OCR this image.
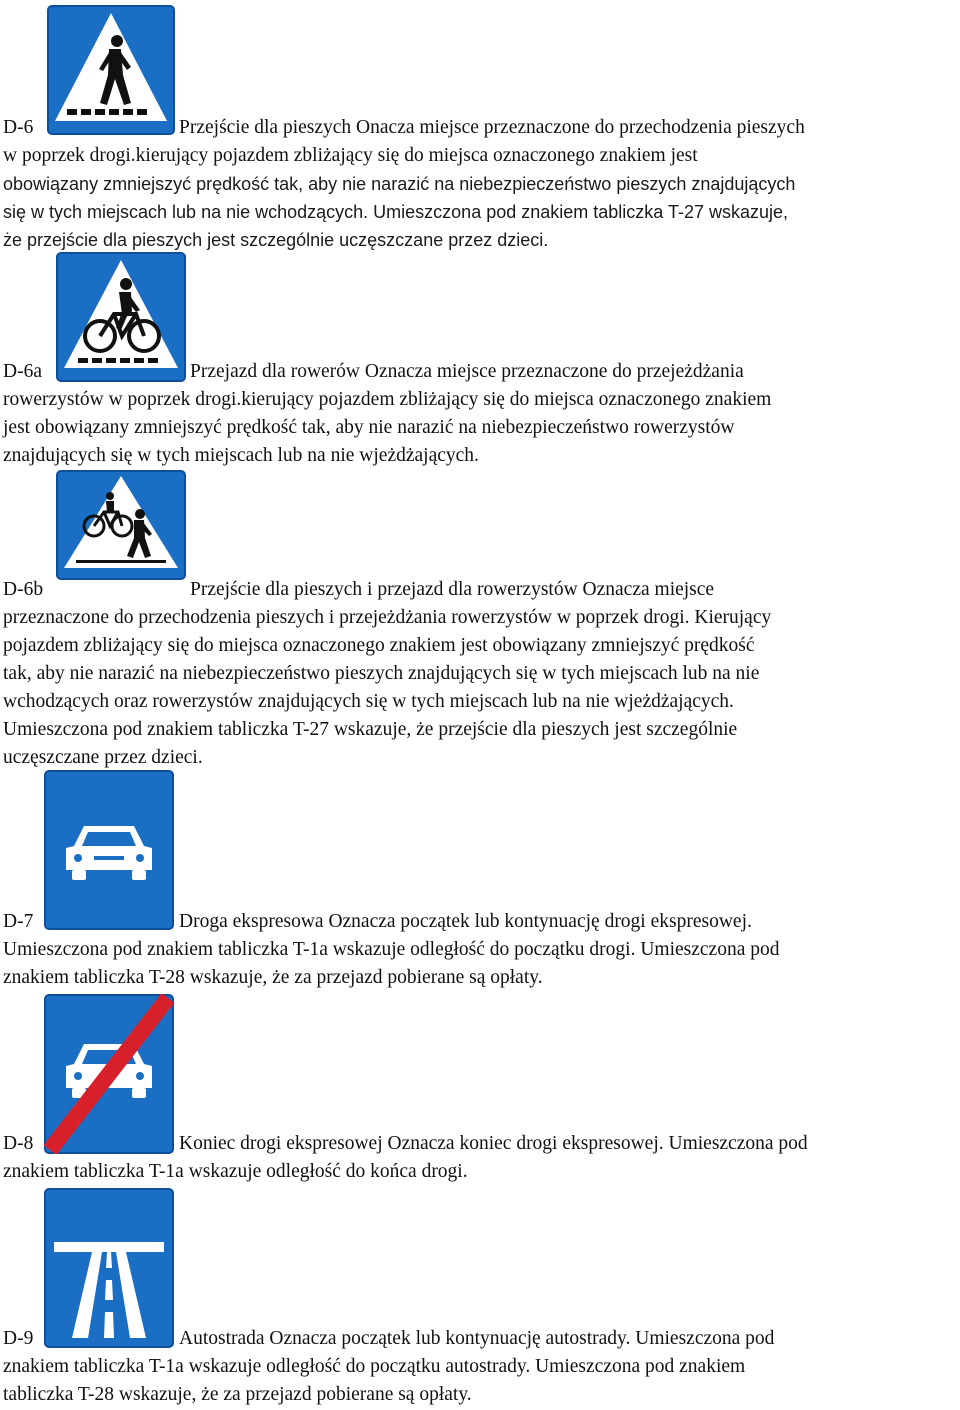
D-6	Przejście dla pieszych Onacza miejsce przeznaczone do przechodzenia pieszych
w poprzek drogi.kierujący pojazdem zbliżający się do miejsca oznaczonego znakiem jest
obowiązany zmniejszyć prędkość tak, aby nie narazić na niebezpieczeństwo pieszych znajdujących
się w tych miejscach lub na nie wchodzących. Umieszczona pod znakiem tabliczka T-27 wskazuje,
że przejście dla pieszych jest szczególnie uczęszczane przez dzieci.
D-6a	Przejazd dla rowerów Oznacza miejsce przeznaczone do przejeżdżania
rowerzystów w poprzek drogi.kierujący pojazdem zbliżający się do miejsca oznaczonego znakiem
jest obowiązany zmniejszyć prędkość tak, aby nie narazić na niebezpieczeństwo rowerzystów
znajdujących się w tych miejscach lub na nie wjeżdżających.
D-6b	Przejście dla pieszych i przejazd dla rowerzystów Oznacza miejsce
przeznaczone do przechodzenia pieszych i przejeżdżania rowerzystów w poprzek drogi. Kierujący
pojazdem zbliżający się do miejsca oznaczonego znakiem jest obowiązany zmniejszyć prędkość
tak, aby nie narazić na niebezpieczeństwo pieszych znajdujących się w tych miejscach lub na nie
wchodzących oraz rowerzystów znajdujących się w tych miejscach lub na nie wjeżdżających.
Umieszczona pod znakiem tabliczka T-27 wskazuje, że przejście dla pieszych jest szczególnie
uczęszczane przez dzieci.
D-7	Droga ekspresowa Oznacza początek lub kontynuację drogi ekspresowej.
Umieszczona pod znakiem tabliczka T-1a wskazuje odległość do początku drogi. Umieszczona pod
znakiem tabliczka T-28 wskazuje, że za przejazd pobierane są opłaty.
D-8	Koniec drogi ekspresowej Oznacza koniec drogi ekspresowej. Umieszczona pod
znakiem tabliczka T-1a wskazuje odległość do końca drogi.
D-9	Autostrada Oznacza początek lub kontynuację autostrady. Umieszczona pod
znakiem tabliczka T-1a wskazuje odległość do początku autostrady. Umieszczona pod znakiem
tabliczka T-28 wskazuje, że za przejazd pobierane są opłaty.
